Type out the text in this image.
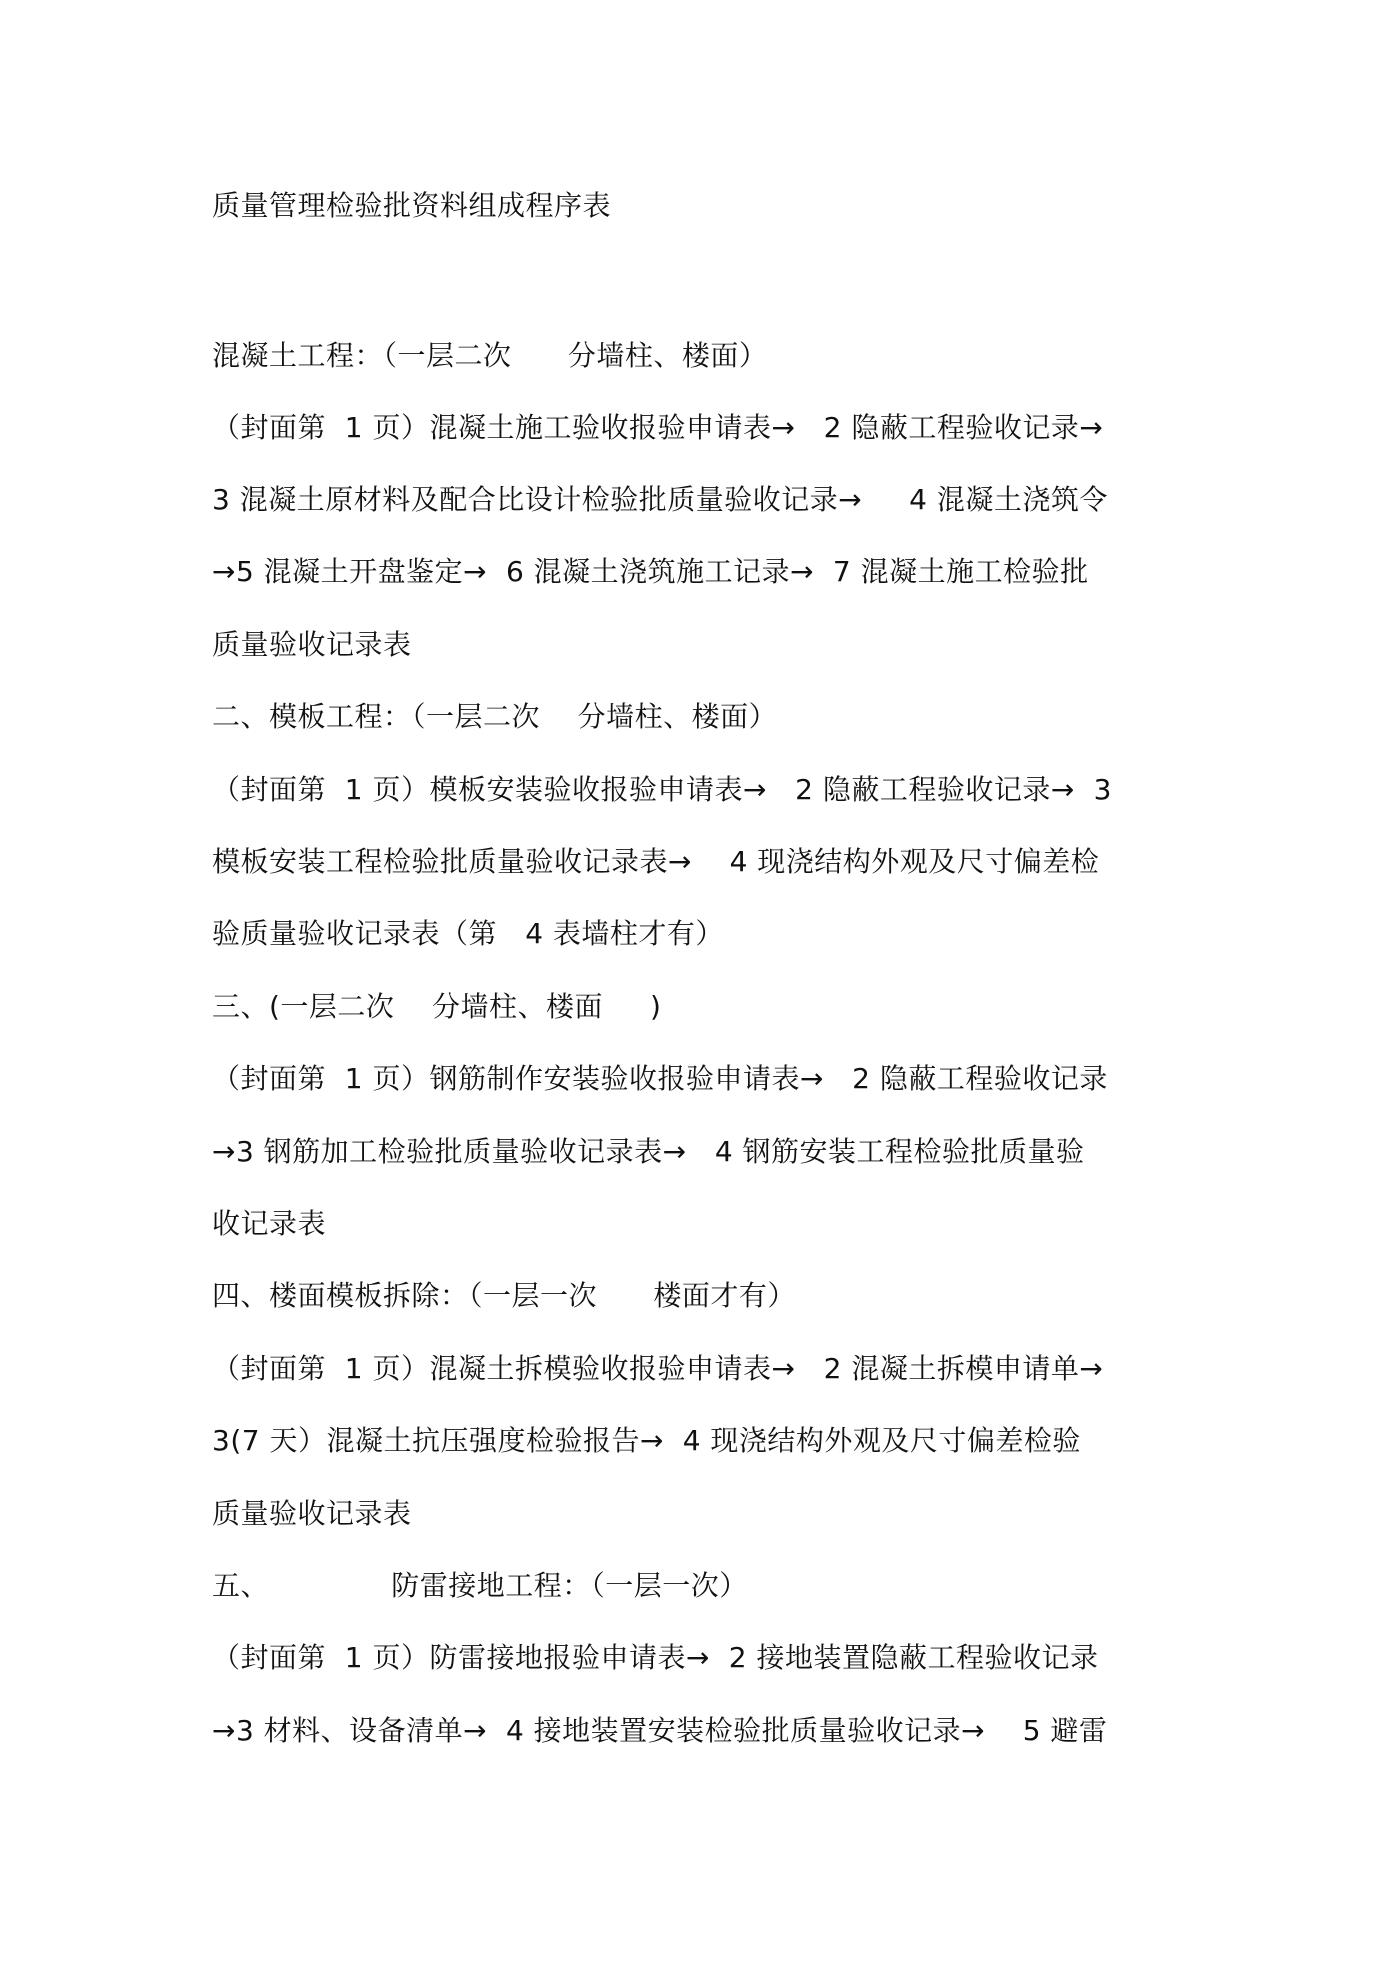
质量管理检验批资料组成程序表
混凝土工程：（一层二次      分墙柱、楼面）
（封面第  1 页）混凝土施工验收报验申请表→   2 隐蔽工程验收记录→
3 混凝土原材料及配合比设计检验批质量验收记录→     4 混凝土浇筑令
→5 混凝土开盘鉴定→  6 混凝土浇筑施工记录→  7 混凝土施工检验批
质量验收记录表
二、模板工程：（一层二次    分墙柱、楼面）
（封面第  1 页）模板安装验收报验申请表→   2 隐蔽工程验收记录→  3
模板安装工程检验批质量验收记录表→    4 现浇结构外观及尺寸偏差检
验质量验收记录表（第   4 表墙柱才有）
三、(一层二次    分墙柱、楼面     )
（封面第  1 页）钢筋制作安装验收报验申请表→   2 隐蔽工程验收记录
→3 钢筋加工检验批质量验收记录表→   4 钢筋安装工程检验批质量验
收记录表
四、楼面模板拆除：（一层一次      楼面才有）
（封面第  1 页）混凝土拆模验收报验申请表→   2 混凝土拆模申请单→
3(7 天）混凝土抗压强度检验报告→  4 现浇结构外观及尺寸偏差检验
质量验收记录表
五、             防雷接地工程：（一层一次）
（封面第  1 页）防雷接地报验申请表→  2 接地装置隐蔽工程验收记录
→3 材料、设备清单→  4 接地装置安装检验批质量验收记录→    5 避雷
